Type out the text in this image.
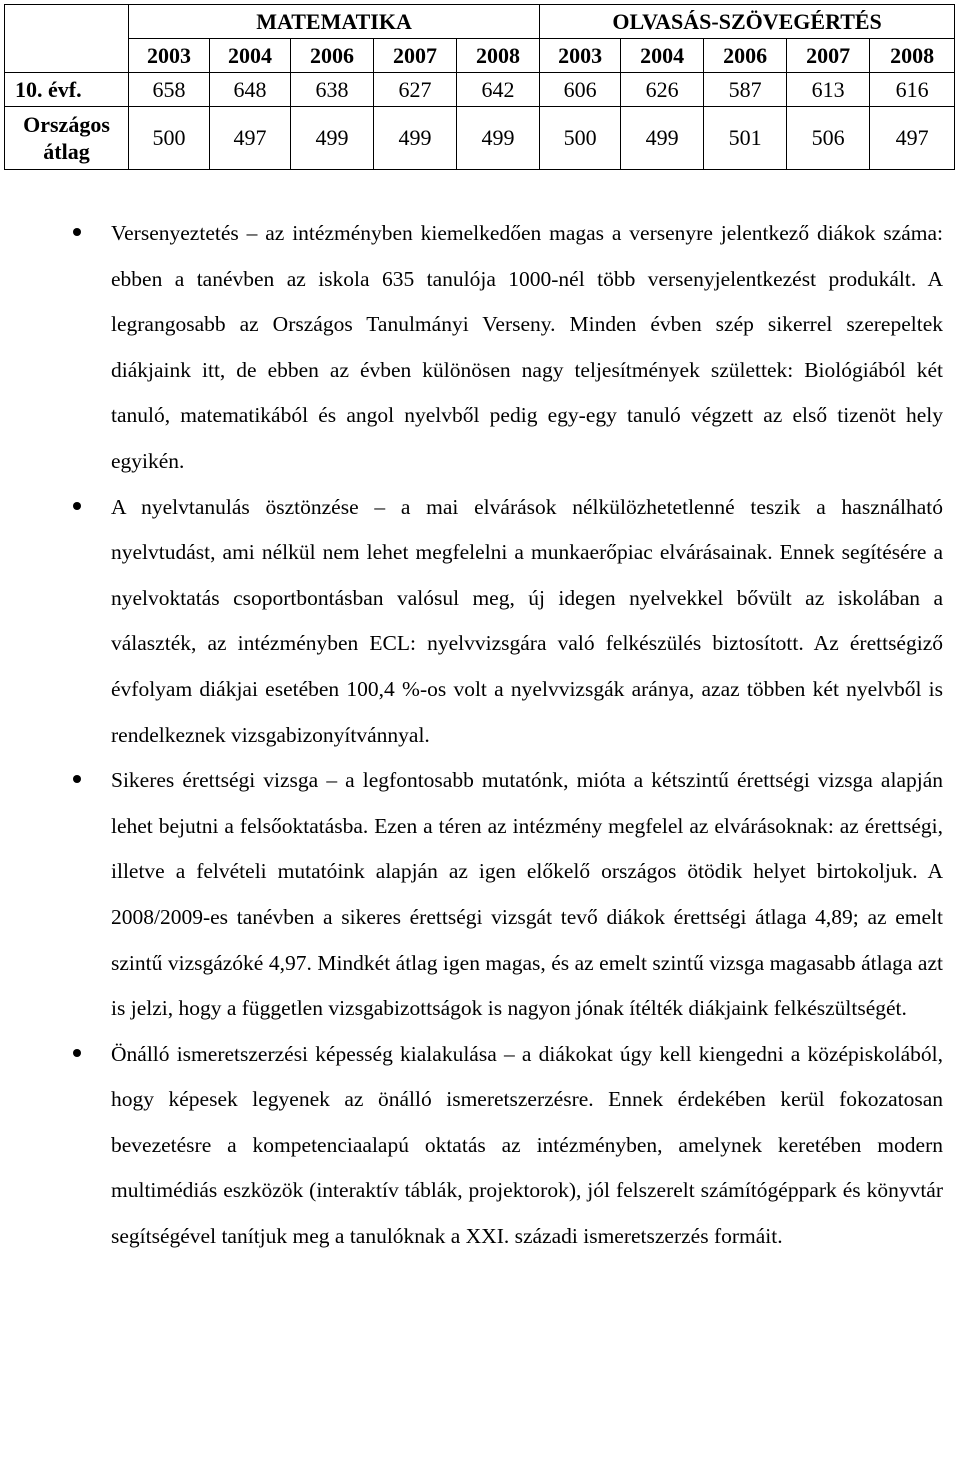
	MATEMATIKA					OLVASÁS-SZÖVEGÉRTÉS				
	2003	2004	2006	2007	2008	2003	2004	2006	2007	2008
10. évf.	658	648	638	627	642	606	626	587	613	616
Országos
átlag	500	497	499	499	499	500	499	501	506	497
Versenyeztetés – az intézményben kiemelkedően magas a versenyre jelentkező diákok száma: ebben a tanévben az iskola 635 tanulója 1000-nél több versenyjelentkezést produkált. A legrangosabb az Országos Tanulmányi Verseny. Minden évben szép sikerrel szerepeltek diákjaink itt, de ebben az évben különösen nagy teljesítmények születtek: Biológiából két tanuló, matematikából és angol nyelvből pedig egy-egy tanuló végzett az első tizenöt hely egyikén.
A nyelvtanulás ösztönzése – a mai elvárások nélkülözhetetlenné teszik a használható nyelvtudást, ami nélkül nem lehet megfelelni a munkaerőpiac elvárásainak. Ennek segítésére a nyelvoktatás csoportbontásban valósul meg, új idegen nyelvekkel bővült az iskolában a választék, az intézményben ECL: nyelvvizsgára való felkészülés biztosított. Az érettségiző évfolyam diákjai esetében 100,4 %-os volt a nyelvvizsgák aránya, azaz többen két nyelvből is rendelkeznek vizsgabizonyítvánnyal.
Sikeres érettségi vizsga – a legfontosabb mutatónk, mióta a kétszintű érettségi vizsga alapján lehet bejutni a felsőoktatásba. Ezen a téren az intézmény megfelel az elvárásoknak: az érettségi, illetve a felvételi mutatóink alapján az igen előkelő országos ötödik helyet birtokoljuk. A 2008/2009-es tanévben a sikeres érettségi vizsgát tevő diákok érettségi átlaga 4,89; az emelt szintű vizsgázóké 4,97. Mindkét átlag igen magas, és az emelt szintű vizsga magasabb átlaga azt is jelzi, hogy a független vizsgabizottságok is nagyon jónak ítélték diákjaink felkészültségét.
Önálló ismeretszerzési képesség kialakulása – a diákokat úgy kell kiengedni a középiskolából, hogy képesek legyenek az önálló ismeretszerzésre. Ennek érdekében kerül fokozatosan bevezetésre a kompetenciaalapú oktatás az intézményben, amelynek keretében modern multimédiás eszközök (interaktív táblák, projektorok), jól felszerelt számítógéppark és könyvtár segítségével tanítjuk meg a tanulóknak a XXI. századi ismeretszerzés formáit.
